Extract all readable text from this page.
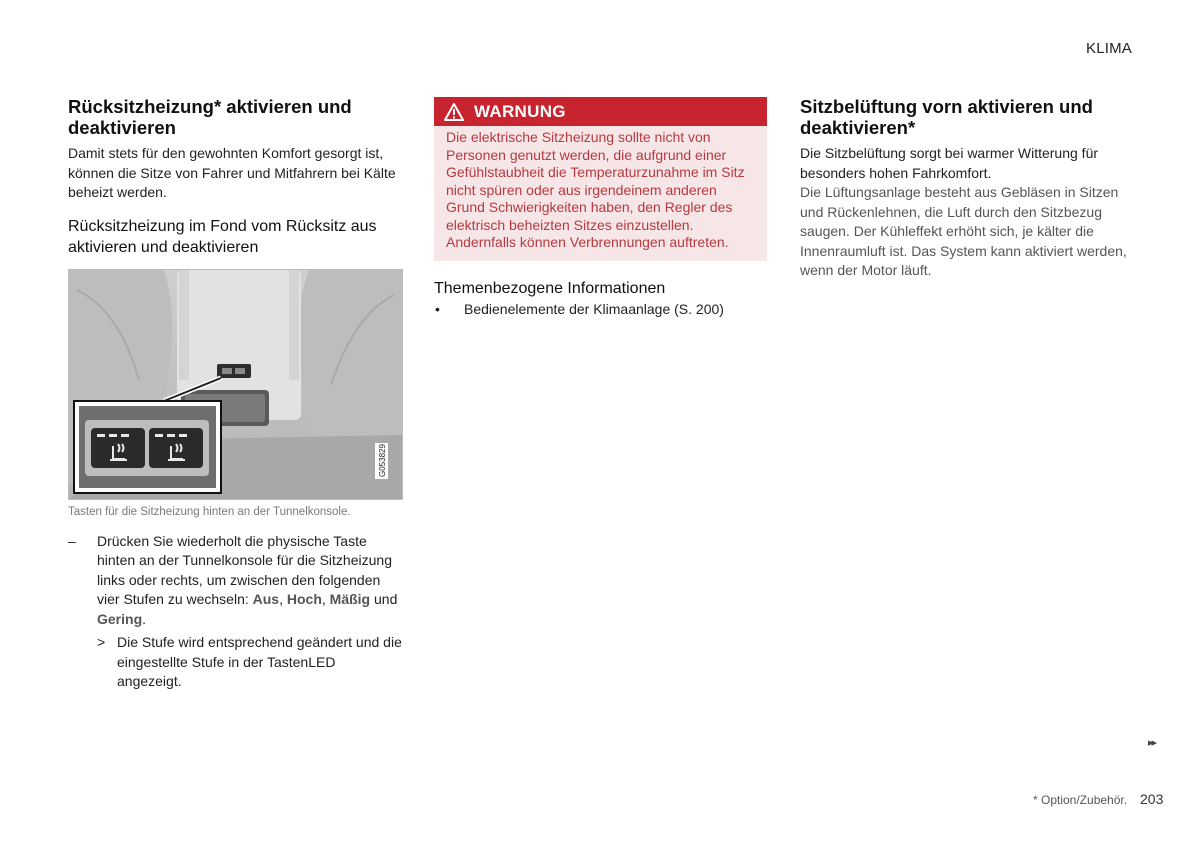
KLIMA
Rücksitzheizung* aktivieren und deaktivieren

Damit stets für den gewohnten Komfort gesorgt ist, können die Sitze von Fahrer und Mitfahrern bei Kälte beheizt werden.

Rücksitzheizung im Fond vom Rücksitz aus aktivieren und deaktivieren
G053829
Tasten für die Sitzheizung hinten an der Tunnelkonsole.
–	Drücken Sie wiederholt die physische Taste hinten an der Tunnelkonsole für die Sitzheizung links oder rechts, um zwischen den folgenden vier Stufen zu wechseln: Aus, Hoch, Mäßig und Gering.
> Die Stufe wird entsprechend geändert und die eingestellte Stufe in der TastenLED angezeigt.
WARNUNG
Die elektrische Sitzheizung sollte nicht von Personen genutzt werden, die aufgrund einer Gefühlstaubheit die Temperaturzunahme im Sitz nicht spüren oder aus irgendeinem anderen Grund Schwierigkeiten haben, den Regler des elektrisch beheizten Sitzes einzustellen. Andernfalls können Verbrennungen auftreten.
Themenbezogene Informationen
•	Bedienelemente der Klimaanlage (S. 200)
Sitzbelüftung vorn aktivieren und deaktivieren*

Die Sitzbelüftung sorgt bei warmer Witterung für besonders hohen Fahrkomfort.

Die Lüftungsanlage besteht aus Gebläsen in Sitzen und Rückenlehnen, die Luft durch den Sitzbezug saugen. Der Kühleffekt erhöht sich, je kälter die Innenraumluft ist. Das System kann aktiviert werden, wenn der Motor läuft.

▸▸
* Option/Zubehör. 203
